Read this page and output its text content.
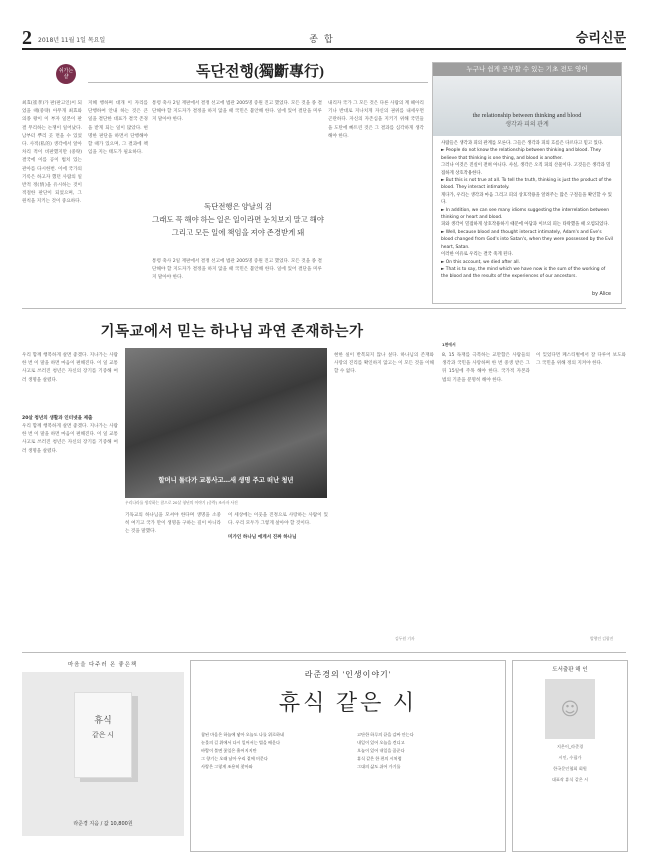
2 2018년 11월 1일 목요일	종합	승리신문
쉬가는 샬	독단전행(獨斷專行)

최효(崔孝)가 판(판고인)이 되었을 때(중략) 아무개 최효와 의종 왕이 이 부자 일본이 판결 무리하는 논쟁이 일어났다. 남부터 뿌리 곳 면을 수 있었다. 사적(私的) 생각에서 알아차리 적이 비판했지만 (중략) 결국에 이를 공이 법치 있는 관아를 다시한번. 이에 국가의 기록은 하고자 했던 사람의 일반적 정(情)을 유시하는 것이 적절한 판단이 되었으며, 그 원칙을 지키는 것이 중요하다.

지혜 행하며 대개 이 자리를 단행하여 안내 하는 것은 큰 일을 결단한 대표가 결국 존경을 받게 되는 일이 많았다. 현명한 판단을 하면서 단행해야 할 때가 있으며, 그 결과에 책임을 지는 태도가 필요하다.

통령 축사 2일 재판에서 결정 선고에 법관 2005명 증원 진고 했었다. 모든 것을 종 결단해야 할 지도자가 결정을 하지 않을 때 국민은 불안해 한다. 일에 있어 결단을 미루지 말아야 한다.

독단전행은 양날의 검
그래도 꼭 해야 하는 일은 일이라면 눈치보지 말고 해야
그리고 모든 일에 책임을 져야 존경받게 돼

통령 축사 2일 재판에서 결정 선고에 법관 2005명 증원 진고 했었다. 모든 것을 종 결단해야 할 지도자가 결정을 하지 않을 때 국민은 불안해 한다. 일에 있어 결단을 미루지 말아야 한다.

내리자 국가 그 모든 것은 다른 사람의 계 헤아리기나 반대로 지나치게 자신의 권위를 내세우면 곤란하다. 자신의 자존심을 지키기 위해 국민들을 도탄에 빠트린 것은 그 결과를 심각하게 생각해야 한다.

누구나 쉽게 공부할 수 있는 기초 전도 영어
the relationship between thinking and blood
생각과 피의 관계
사람들은 생각과 피의 관계를 모른다. 그들은 생각과 피의 흐름은 다르다고 믿고 있다.
► People do not know the relationship between thinking and blood. They believe that thinking is one thing, and blood is another.
그러나 이것은 진실이 전혀 아니다. 사실, 생각은 오직 피의 산물이다. 고것들은 생각과 밀접하게 상호작용한다.
► But this is not true at all. To tell the truth, thinking is just the product of the blood. They interact intimately.
게다가, 우리는 생각과 마음 그리고 피의 상호작용을 알려주는 많은 구절들을 확인할 수 있다.
► In addition, we can see many idioms suggesting the interrelation between thinking or heart and blood.
피와 생각이 밀접하게 상호작용하기 때문에 아담과 이브의 피는 타락했을 때 오염되었다.
► Well, because blood and thought interact intimately, Adam's and Eve's blood changed from God's into Satan's, when they were possessed by the Evil heart, Satan.
이러한 이유로 우리는 결국 죽게 된다.
► On this account, we died after all.
► That is to say, the mind which we have now is the sum of the working of the blood and the results of the experiences of our ancestors.
by Alice
기독교에서 믿는 하나님 과연 존재하는가

우리 함께 행복하게 살면 좋겠다. 지나가는 사람 한 번 이 말을 하면 마음이 편해진다. 이 일 교통사고로 쓰러진 청년은 자신의 장기를 기증해 여러 생명을 살렸다.

20살 청년의 생활과 인터넷을 제출

우리 함께 행복하게 살면 좋겠다. 지나가는 사람 한 번 이 말을 하면 마음이 편해진다. 이 일 교통사고로 쓰러진 청년은 자신의 장기를 기증해 여러 생명을 살렸다.

할머니 돌다가 교통사고…새 생명 주고 떠난 청년
우리나라를 생각하는 참으로 20살 청년의 이야기 (중략) 조사자 사진

기독교의 하나님을 모셔야 한다며 생명을 소중히 여기고 국가 만이 생명을 구하는 길이 아니라는 것을 말했다.

이 세상에는 이웃을 진정으로 사랑하는 사람이 있다. 우리 모두가 그렇게 살아야 할 것이다.

미가인 하나님 에게서 진짜 하나님

현한 실이 반복되지 않나 싶다. 하나님의 존재와 사랑의 진리를 확인하지 않고는 이 모든 것을 이해할 수 없다.

김두원 기자
1면에서

8, 15 독재를 극복하는 교만함은 사람들의 생각과 국민을 사랑하며 한 번 중생 받은 그 뒤 15일에 주목 해야 한다. 국가적 자본과 법의 기준을 분명히 해야 한다.

이 잊었다면 페스티벌에서 잘 다루어 보도와 그 국민을 위해 정의 지켜야 한다.

발행인 김광진
마음을 다주러 온 좋은책
휴식
같은 시
라준경 지음 / 값 10,800원
라준경의 '인생이야기'
휴식 같은 시
참된 마음은 하늘에 닿아 오늘도 나를 위로하네
눈물의 길 위에서 다시 일어서는 법을 배운다
바람이 불면 꽃잎은 흩어지지만
그 향기는 오래 남아 우리 곁에 머문다
사랑은 그렇게 조용히 찾아와
고단한 하루의 끝을 감싸 안는다
내일이 있어 오늘을 견디고
오늘이 있어 내일을 꿈꾼다
휴식 같은 한 편의 시처럼
그대의 삶도 쉬어 가기를
도서출판 해 인
☺
지은이_라준경
시인, 수필가
한국문인협회 회원
대표작 휴식 같은 시
